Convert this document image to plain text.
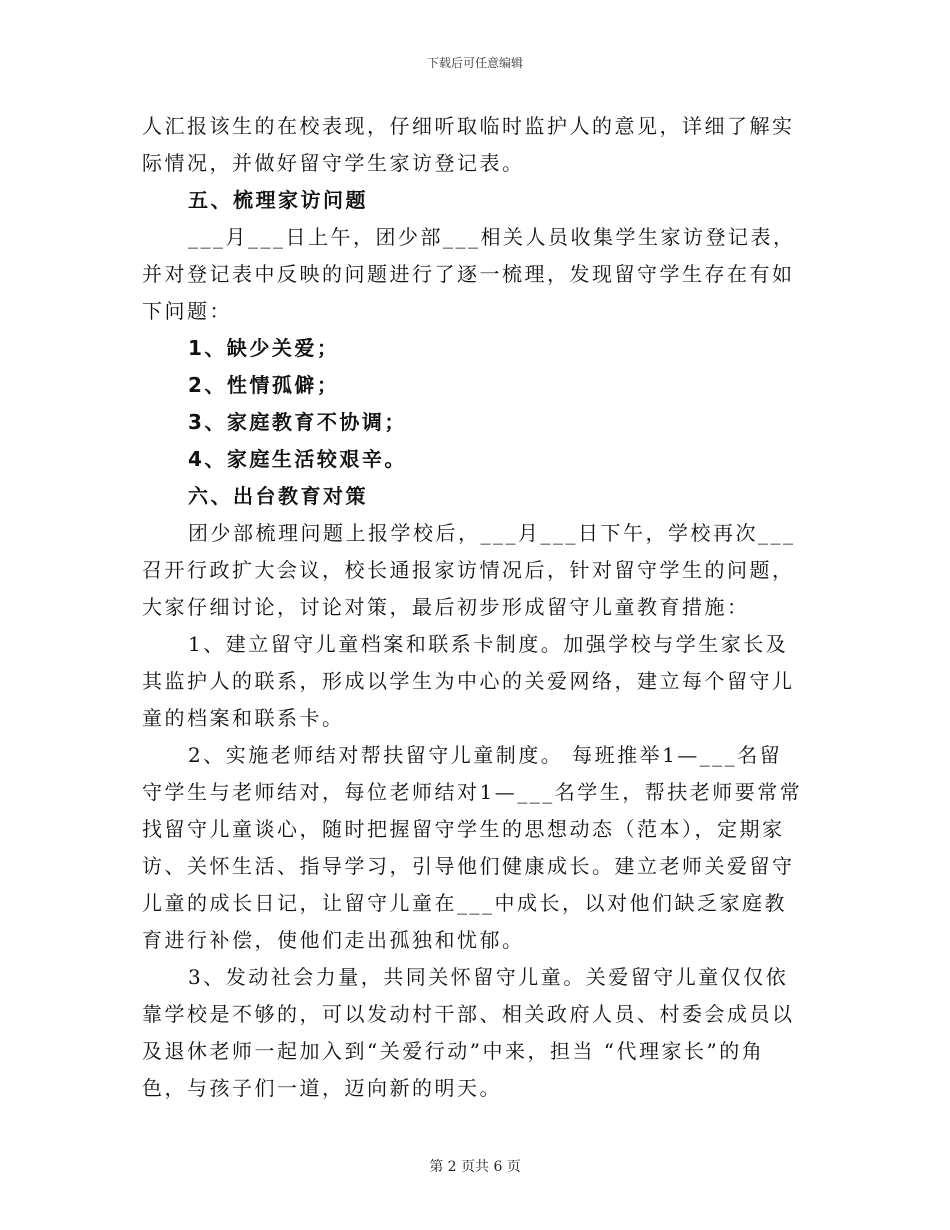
下载后可任意编辑

人汇报该生的在校表现，仔细听取临时监护人的意见，详细了解实际情况，并做好留守学生家访登记表。

五、梳理家访问题

___月___日上午，团少部___相关人员收集学生家访登记表，并对登记表中反映的问题进行了逐一梳理，发现留守学生存在有如下问题：

1、缺少关爱；

2、性情孤僻；

3、家庭教育不协调；

4、家庭生活较艰辛。

六、出台教育对策

团少部梳理问题上报学校后，___月___日下午，学校再次___召开行政扩大会议，校长通报家访情况后，针对留守学生的问题，大家仔细讨论，讨论对策，最后初步形成留守儿童教育措施：

1、建立留守儿童档案和联系卡制度。加强学校与学生家长及其监护人的联系，形成以学生为中心的关爱网络，建立每个留守儿童的档案和联系卡。

2、实施老师结对帮扶留守儿童制度。 每班推举1—___名留守学生与老师结对，每位老师结对1—___名学生，帮扶老师要常常找留守儿童谈心，随时把握留守学生的思想动态（范本），定期家访、关怀生活、指导学习，引导他们健康成长。建立老师关爱留守儿童的成长日记，让留守儿童在___中成长，以对他们缺乏家庭教育进行补偿，使他们走出孤独和忧郁。

3、发动社会力量，共同关怀留守儿童。关爱留守儿童仅仅依靠学校是不够的，可以发动村干部、相关政府人员、村委会成员以及退休老师一起加入到“关爱行动”中来，担当 “代理家长”的角色，与孩子们一道，迈向新的明天。

第 2 页共 6 页
